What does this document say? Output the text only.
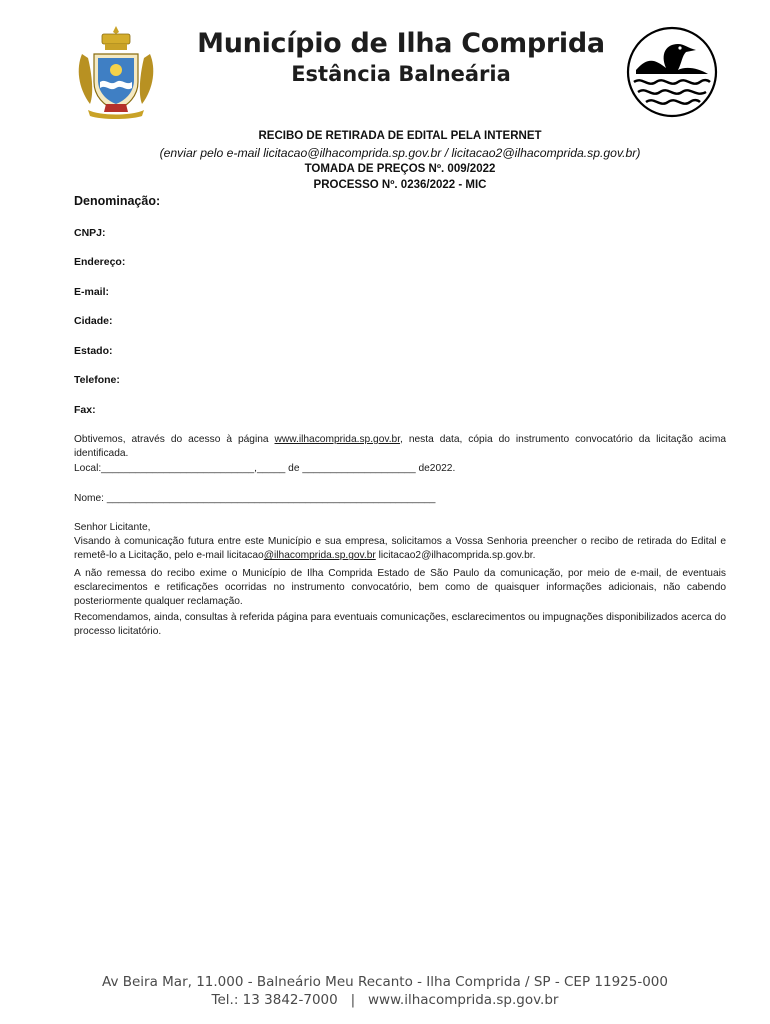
Município de Ilha Comprida
Estância Balneária
RECIBO DE RETIRADA DE EDITAL PELA INTERNET
(enviar pelo e-mail licitacao@ilhacomprida.sp.gov.br / licitacao2@ilhacomprida.sp.gov.br)
TOMADA DE PREÇOS Nº. 009/2022
PROCESSO Nº. 0236/2022 - MIC
Denominação:
CNPJ:
Endereço:
E-mail:
Cidade:
Estado:
Telefone:
Fax:
Obtivemos, através do acesso à página www.ilhacomprida.sp.gov.br, nesta data, cópia do instrumento convocatório da licitação acima identificada.
Local:___________________________,_____ de ____________________ de2022.
Nome: __________________________________________________________
Senhor Licitante,
Visando à comunicação futura entre este Município e sua empresa, solicitamos a Vossa Senhoria preencher o recibo de retirada do Edital e remetê-lo a Licitação, pelo e-mail licitacao@ilhacomprida.sp.gov.br licitacao2@ilhacomprida.sp.gov.br.
A não remessa do recibo exime o Município de Ilha Comprida Estado de São Paulo da comunicação, por meio de e-mail, de eventuais esclarecimentos e retificações ocorridas no instrumento convocatório, bem como de quaisquer informações adicionais, não cabendo posteriormente qualquer reclamação.
Recomendamos, ainda, consultas à referida página para eventuais comunicações, esclarecimentos ou impugnações disponibilizados acerca do processo licitatório.
Av Beira Mar, 11.000 - Balneário Meu Recanto - Ilha Comprida / SP - CEP 11925-000
Tel.: 13 3842-7000   |   www.ilhacomprida.sp.gov.br
